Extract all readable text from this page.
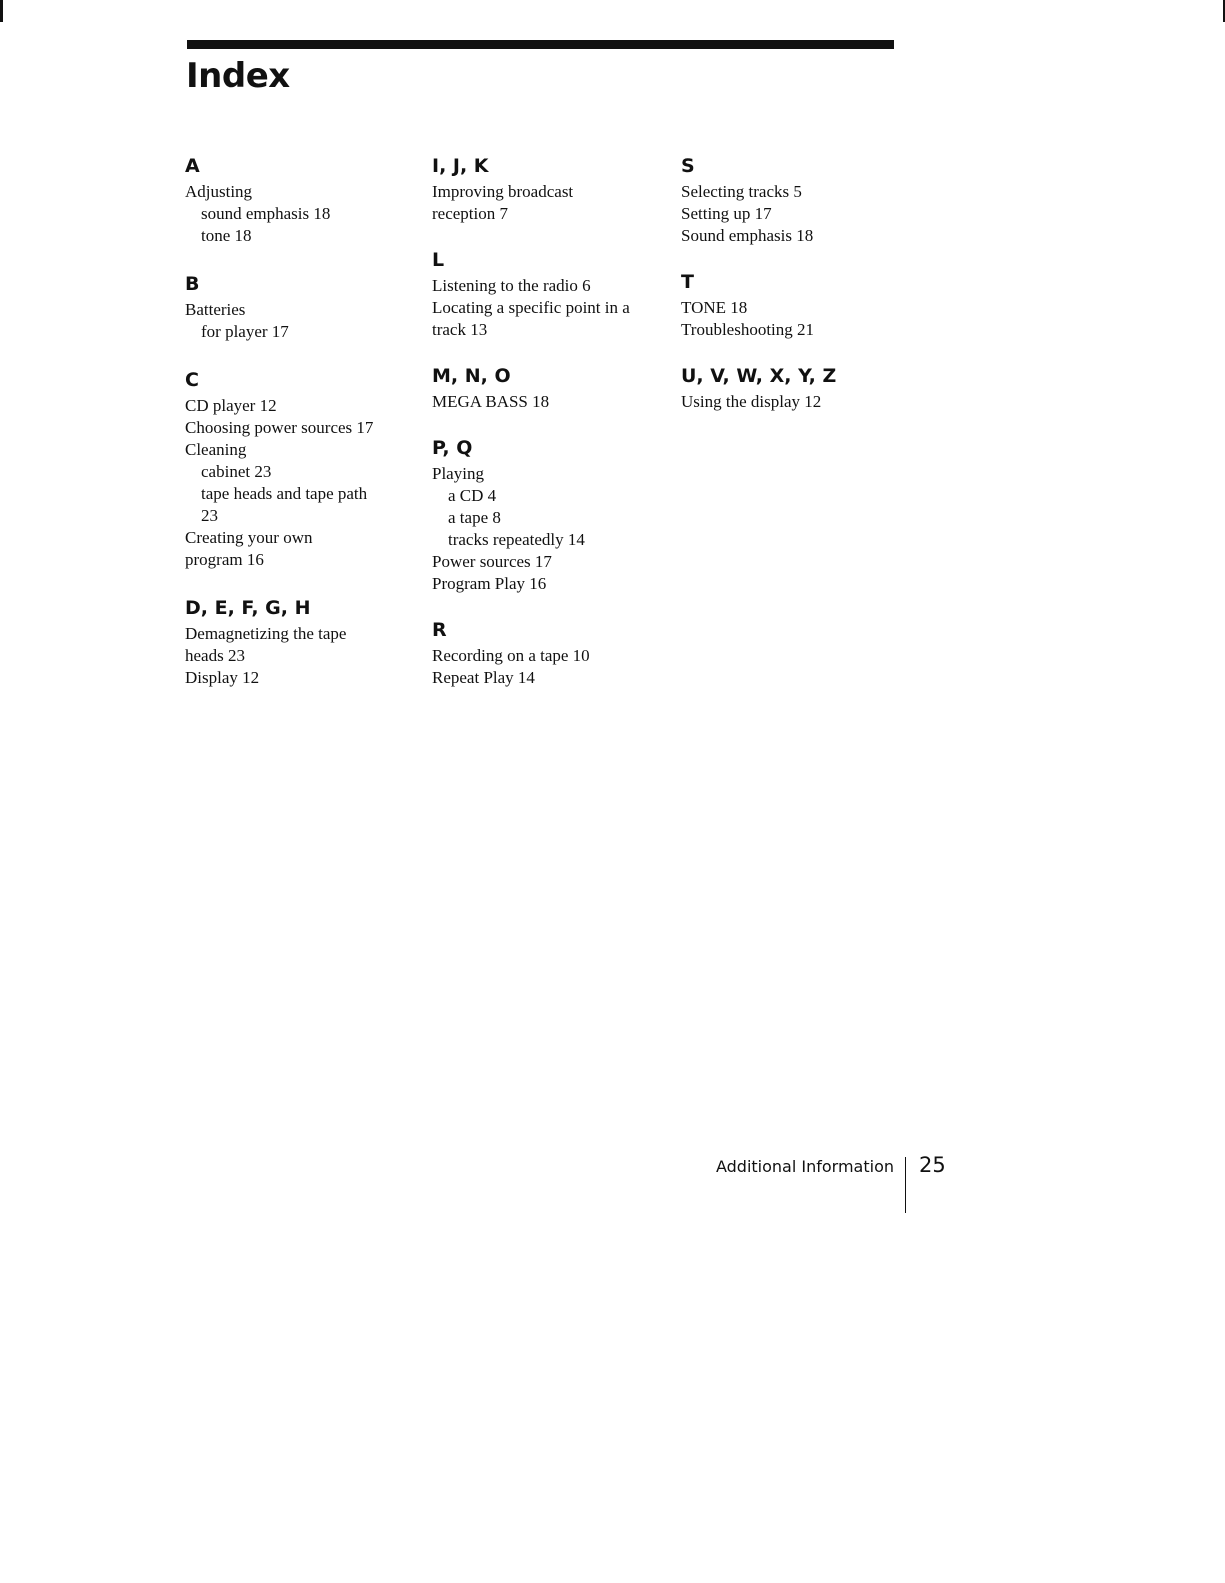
Index
A
Adjusting
sound emphasis 18
tone 18
B
Batteries
for player 17
C
CD player 12
Choosing power sources 17
Cleaning
cabinet 23
tape heads and tape path
23
Creating your own
program 16
D, E, F, G, H
Demagnetizing the tape
heads 23
Display 12
I, J, K
Improving broadcast
reception 7
L
Listening to the radio 6
Locating a specific point in a
track 13
M, N, O
MEGA BASS 18
P, Q
Playing
a CD 4
a tape 8
tracks repeatedly 14
Power sources 17
Program Play 16
R
Recording on a tape 10
Repeat Play 14
S
Selecting tracks 5
Setting up 17
Sound emphasis 18
T
TONE 18
Troubleshooting 21
U, V, W, X, Y, Z
Using the display 12
Additional Information 25
